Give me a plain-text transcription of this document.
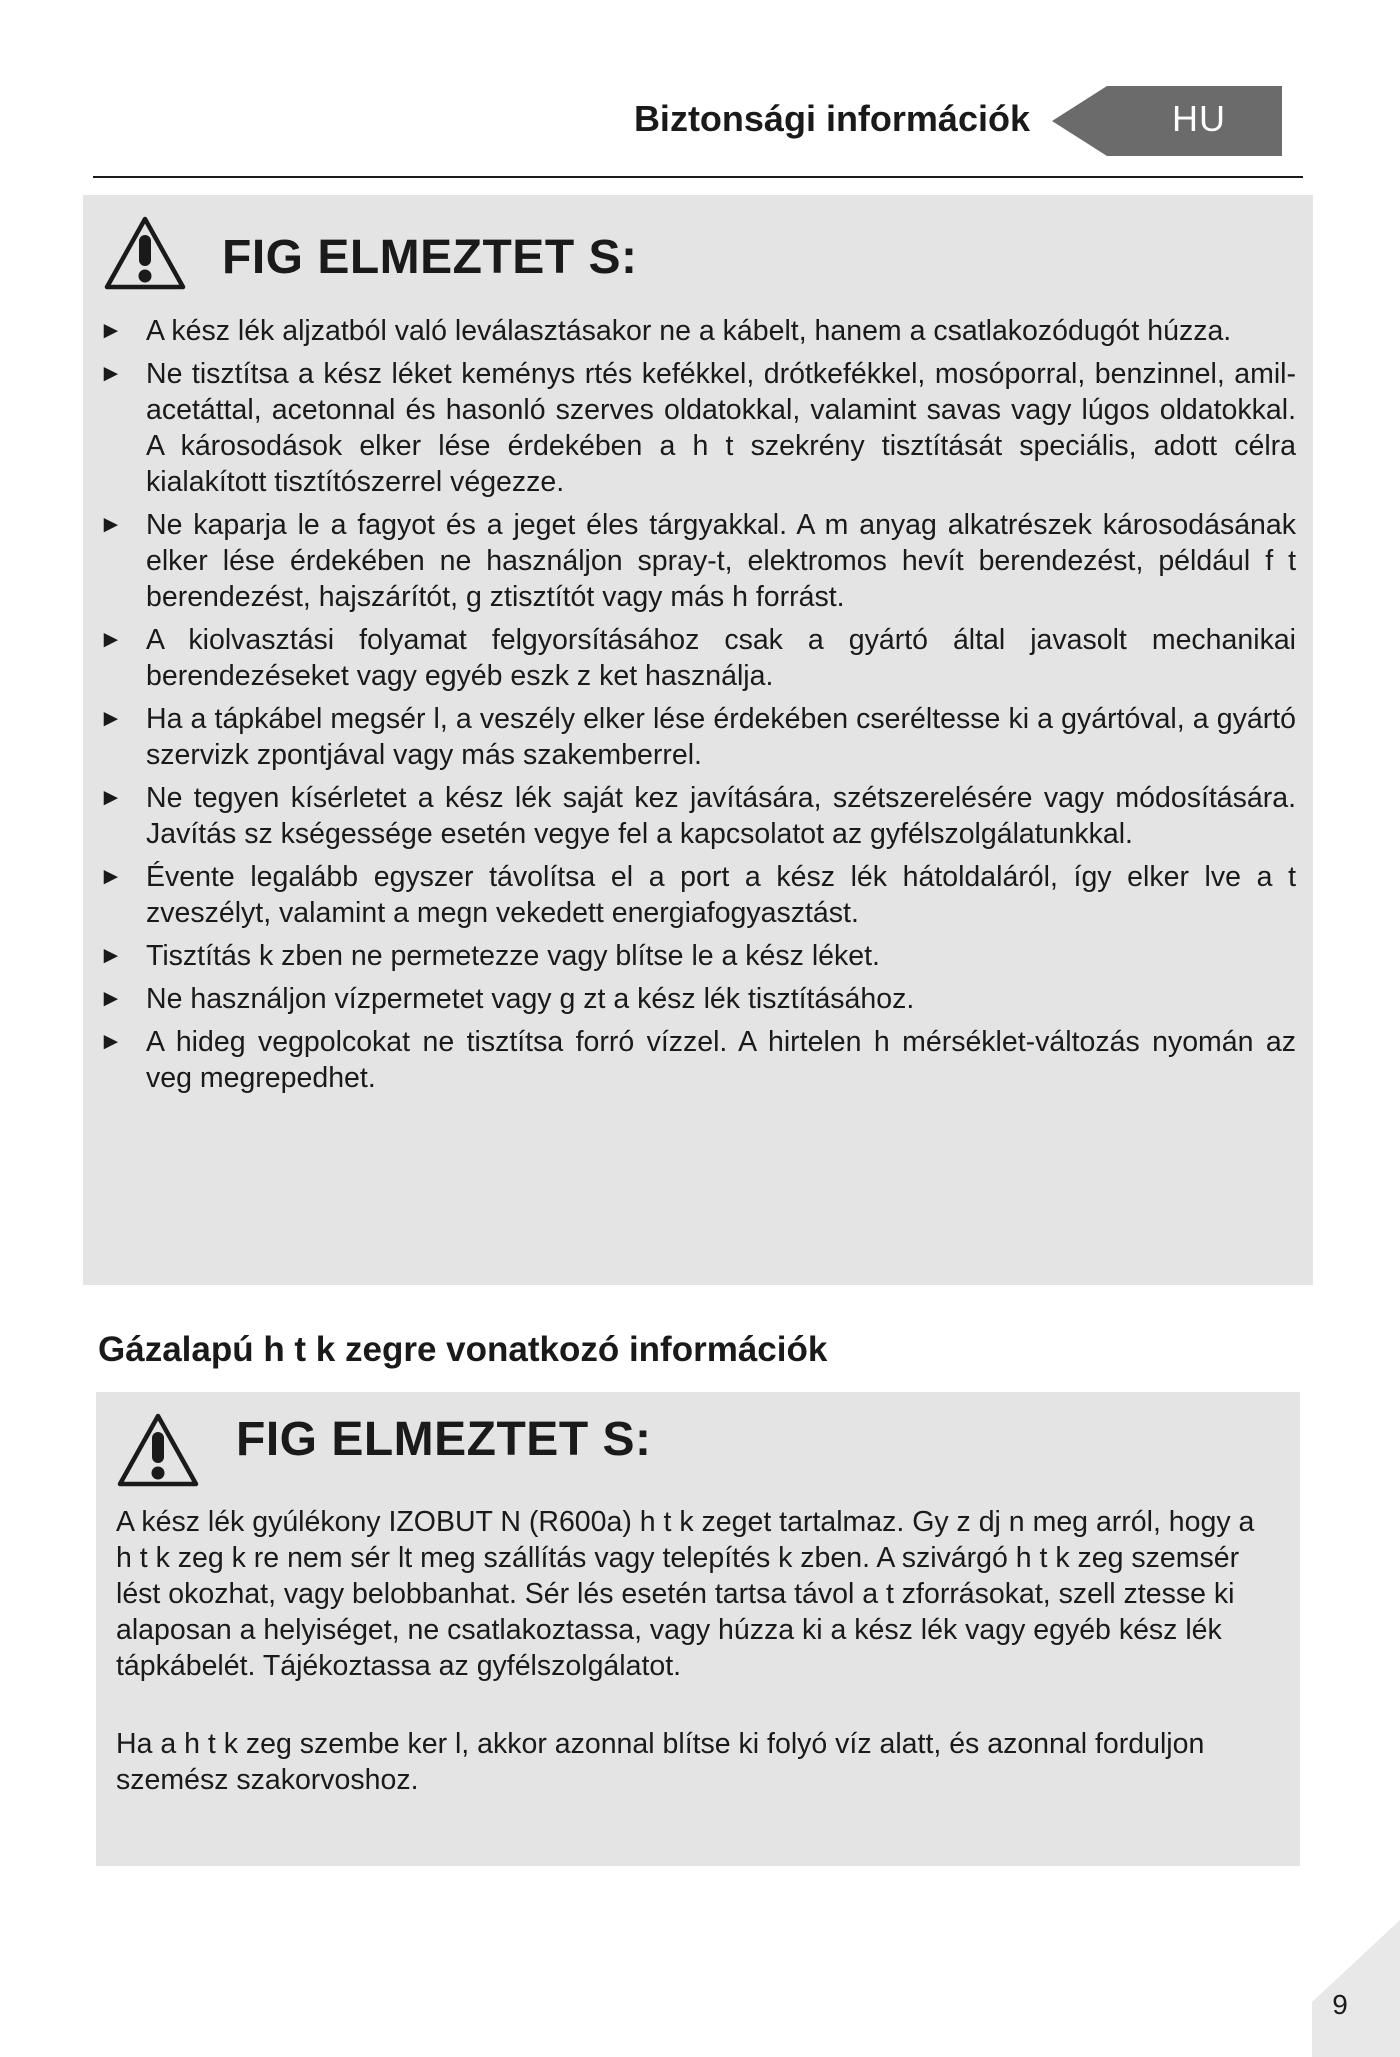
Biztonsági információk	HU
FIG ELMEZTET S:
► A kész lék aljzatból való leválasztásakor ne a kábelt, hanem a csatlakozódugót húzza.
► Ne tisztítsa a kész léket keménys rtés kefékkel, drótkefékkel, mosóporral, benzinnel, amil-acetáttal, acetonnal és hasonló szerves oldatokkal, valamint savas vagy lúgos oldatokkal. A károsodások elker lése érdekében a h t szekrény tisztítását speciális, adott célra kialakított tisztítószerrel végezze.
► Ne kaparja le a fagyot és a jeget éles tárgyakkal. A m anyag alkatrészek károsodásának elker lése érdekében ne használjon spray-t, elektromos hevít berendezést, például f t berendezést, hajszárítót, g ztisztítót vagy más h forrást.
► A kiolvasztási folyamat felgyorsításához csak a gyártó által javasolt mechanikai berendezéseket vagy egyéb eszk z ket használja.
► Ha a tápkábel megsér l, a veszély elker lése érdekében cseréltesse ki a gyártóval, a gyártó szervizk zpontjával vagy más szakemberrel.
► Ne tegyen kísérletet a kész lék saját kez javítására, szétszerelésére vagy módosítására. Javítás sz kségessége esetén vegye fel a kapcsolatot az gyfélszolgálatunkkal.
► Évente legalább egyszer távolítsa el a port a kész lék hátoldaláról, így elker lve a t zveszélyt, valamint a megn vekedett energiafogyasztást.
► Tisztítás k zben ne permetezze vagy blítse le a kész léket.
► Ne használjon vízpermetet vagy g zt a kész lék tisztításához.
► A hideg vegpolcokat ne tisztítsa forró vízzel. A hirtelen h mérséklet-változás nyomán az veg megrepedhet.
Gázalapú h t k zegre vonatkozó információk
FIG ELMEZTET S:

A kész lék gyúlékony IZOBUT N (R600a) h t k zeget tartalmaz. Gy z dj n meg arról, hogy a h t k zeg k re nem sér lt meg szállítás vagy telepítés k zben. A szivárgó h t k zeg szemsér lést okozhat, vagy belobbanhat. Sér lés esetén tartsa távol a t zforrásokat, szell ztesse ki alaposan a helyiséget, ne csatlakoztassa, vagy húzza ki a kész lék vagy egyéb kész lék tápkábelét. Tájékoztassa az gyfélszolgálatot.

Ha a h t k zeg szembe ker l, akkor azonnal blítse ki folyó víz alatt, és azonnal forduljon szemész szakorvoshoz.

9
